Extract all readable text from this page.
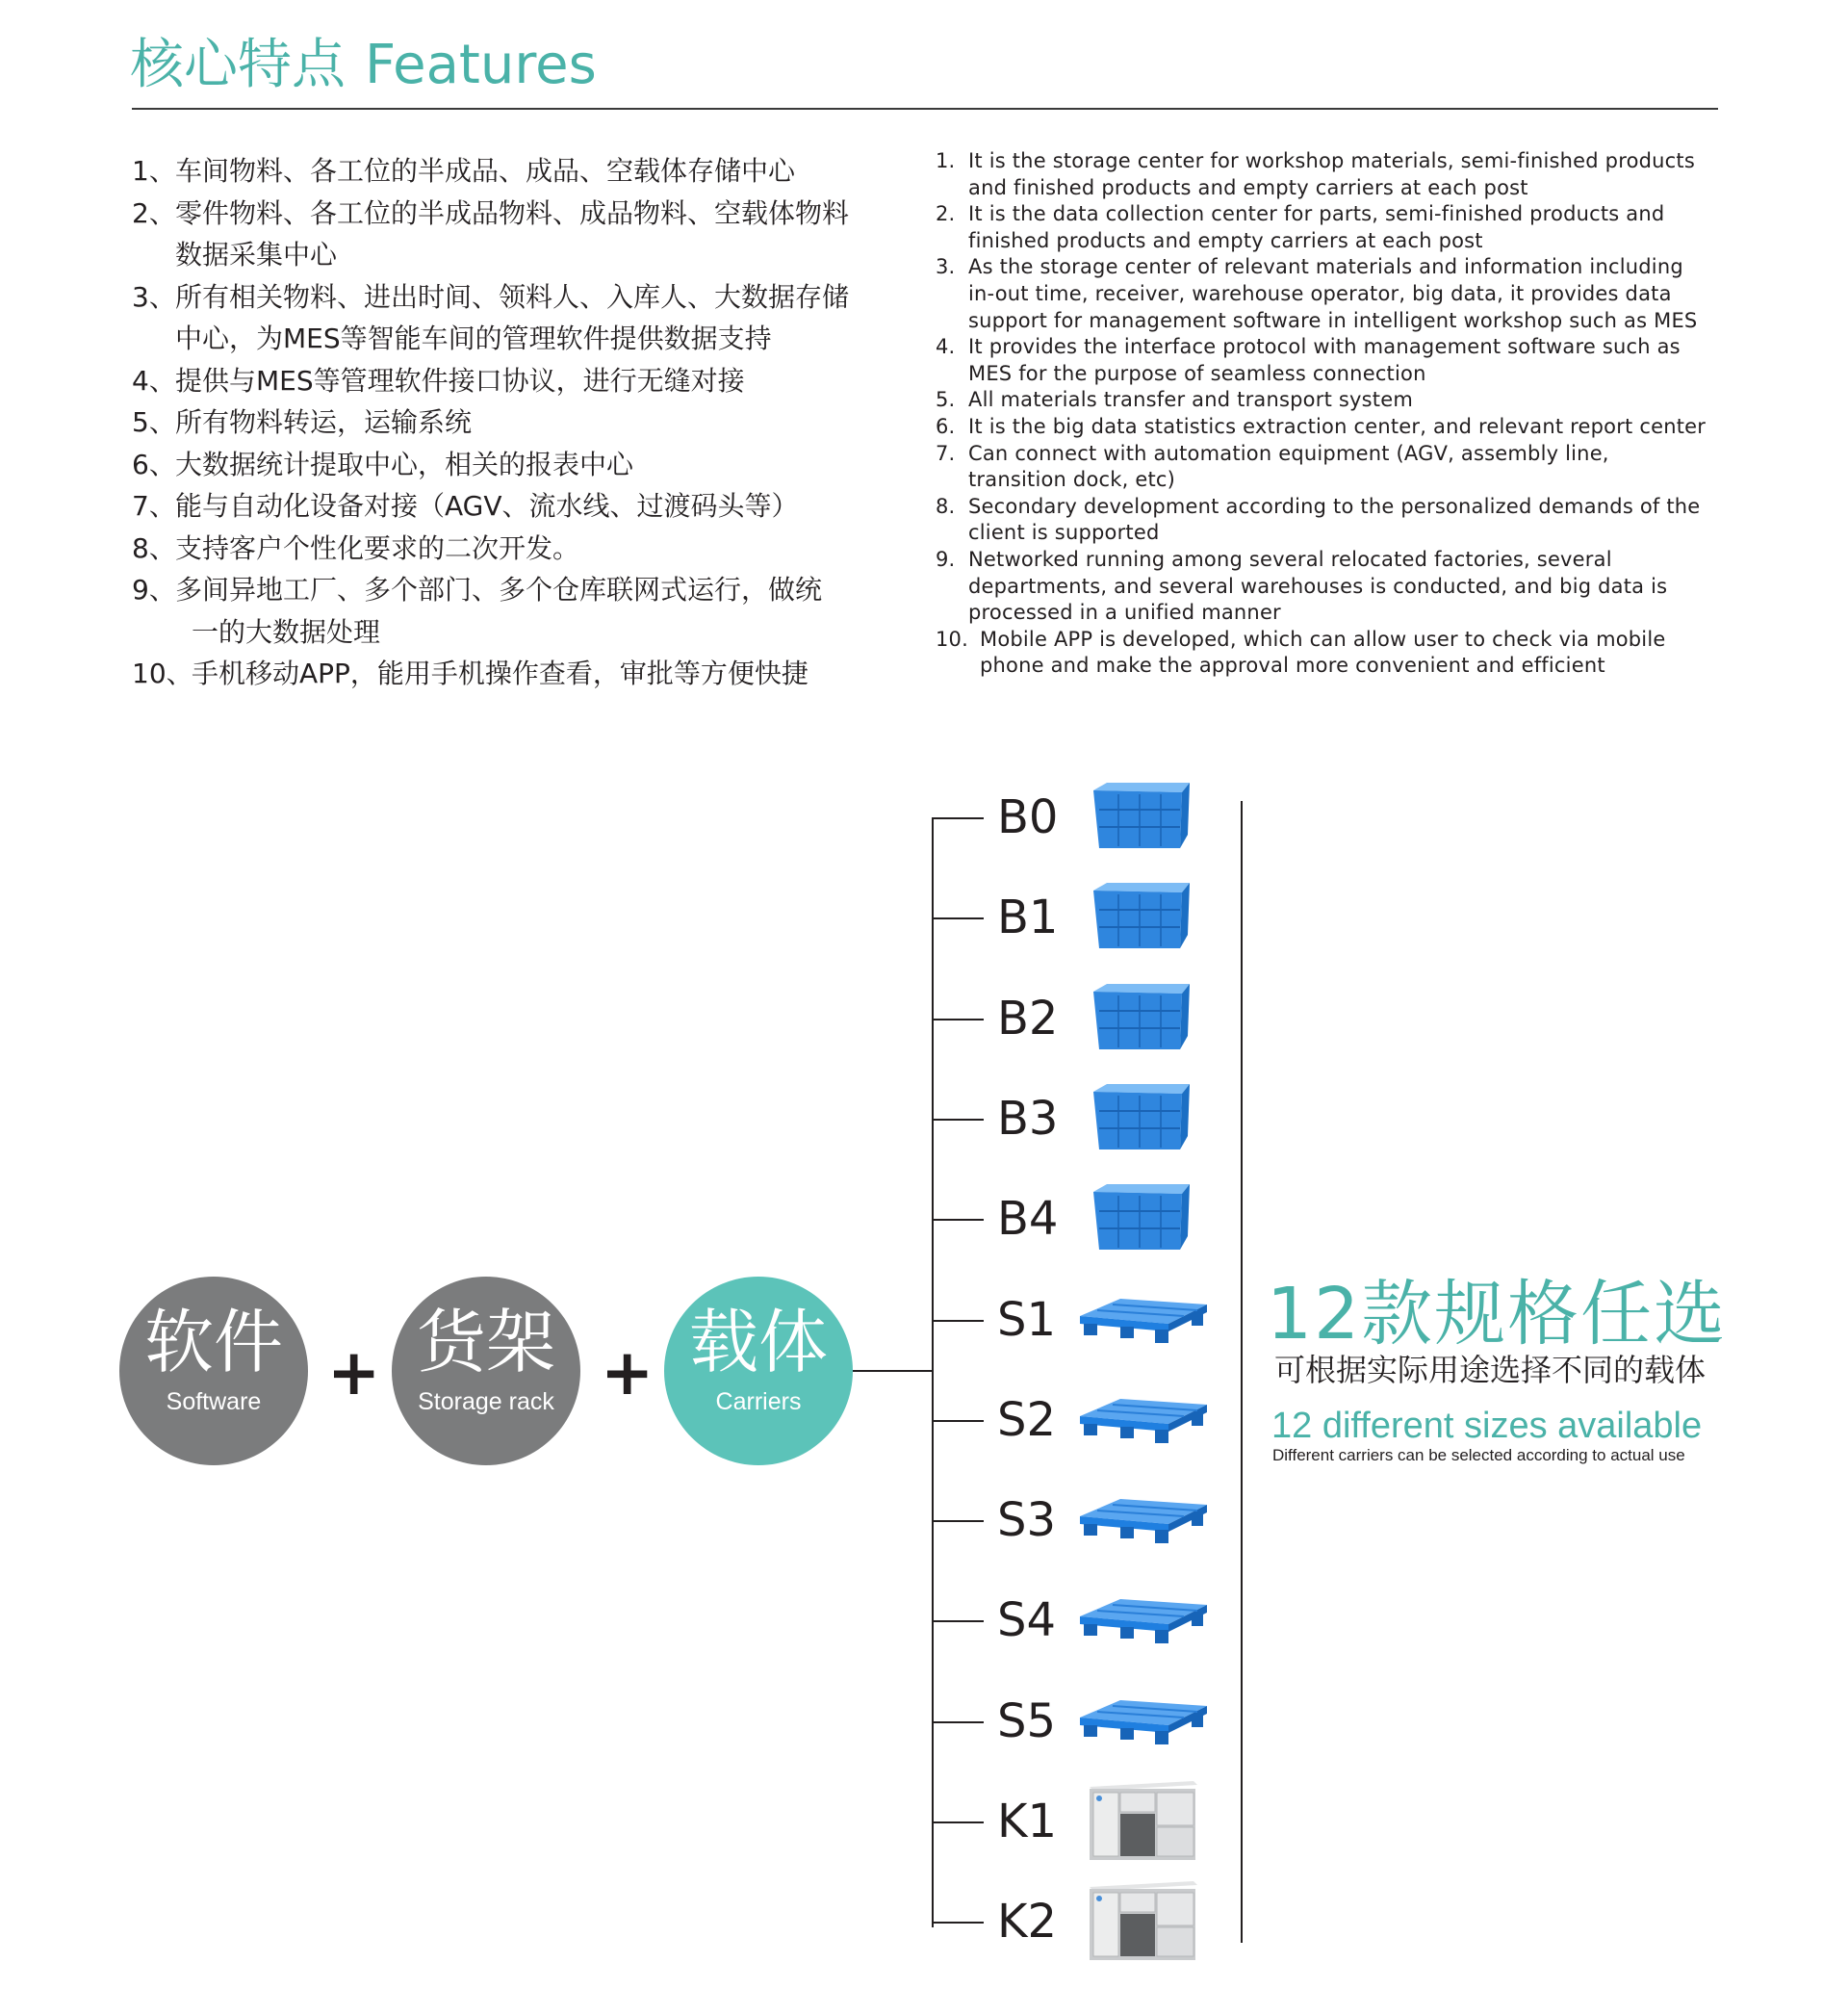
核心特点 Features
1、 车间物料、各工位的半成品、成品、空载体存储中心
2、 零件物料、各工位的半成品物料、成品物料、空载体物料
数据采集中心
3、 所有相关物料、进出时间、领料人、入库人、大数据存储
中心，为MES等智能车间的管理软件提供数据支持
4、 提供与MES等管理软件接口协议，进行无缝对接
5、 所有物料转运，运输系统
6、 大数据统计提取中心，相关的报表中心
7、 能与自动化设备对接（AGV、流水线、过渡码头等）
8、 支持客户个性化要求的二次开发。
9、 多间异地工厂、多个部门、多个仓库联网式运行，做统
一的大数据处理
10、
手机移动APP，能用手机操作查看，审批等方便快捷
1. It is the storage center for workshop materials, semi-finished products
and finished products and empty carriers at each post
2. It is the data collection center for parts, semi-finished products and
finished products and empty carriers at each post
3. As the storage center of relevant materials and information including
in-out time, receiver, warehouse operator, big data, it provides data
support for management software in intelligent workshop such as MES
4. It provides the interface protocol with management software such as
MES for the purpose of seamless connection
5. All materials transfer and transport system
6. It is the big data statistics extraction center, and relevant report center
7. Can connect with automation equipment (AGV, assembly line,
transition dock, etc)
8. Secondary development according to the personalized demands of the
client is supported
9. Networked running among several relocated factories, several
departments, and several warehouses is conducted, and big data is
processed in a unified manner
10. Mobile APP is developed, which can allow user to check via mobile
phone and make the approval more convenient and efficient
软件
Software	+ 货架
Storage rack + 载体
Carriers
B0
B1
B2
B3
B4
S1
S2
S3
S4
S5
K1
K2
12款规格任选
可根据实际用途选择不同的载体
12 different sizes available
Different carriers can be selected according to actual use
